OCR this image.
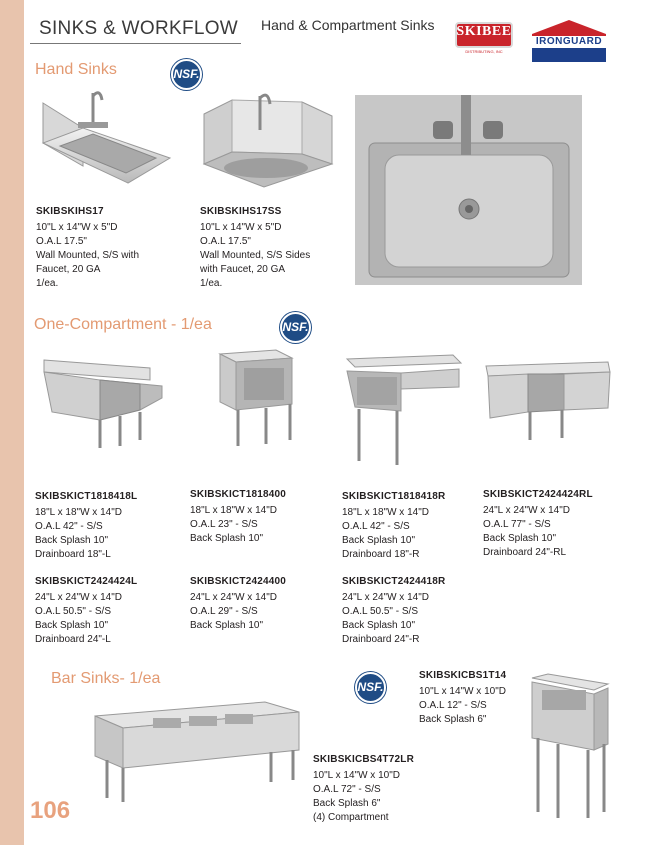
SINKS & WORKFLOW Hand & Compartment Sinks SKIBEE
DISTRIBUTING, INC
IRONGUARD
Hand Sinks	NSF.
SKIBSKIHS17
10"L x 14"W x 5"D
O.A.L 17.5"
Wall Mounted, S/S with
Faucet, 20 GA
1/ea.
SKIBSKIHS17SS
10"L x 14"W x 5"D
O.A.L 17.5"
Wall Mounted, S/S Sides
with Faucet, 20 GA
1/ea.
One-Compartment - 1/ea	NSF.
SKIBSKICT1818418L
18"L x 18"W x 14"D
O.A.L 42" - S/S
Back Splash 10"
Drainboard 18"-L
SKIBSKICT1818400
18"L x 18"W x 14"D
O.A.L 23" - S/S
Back Splash 10"
SKIBSKICT1818418R
18"L x 18"W x 14"D
O.A.L 42" - S/S
Back Splash 10"
Drainboard 18"-R
SKIBSKICT2424424RL
24"L x 24"W x 14"D
O.A.L 77" - S/S
Back Splash 10"
Drainboard 24"-RL
SKIBSKICT2424424L
24"L x 24"W x 14"D
O.A.L 50.5" - S/S
Back Splash 10"
Drainboard 24"-L
SKIBSKICT2424400
24"L x 24"W x 14"D
O.A.L 29" - S/S
Back Splash 10"
SKIBSKICT2424418R
24"L x 24"W x 14"D
O.A.L 50.5" - S/S
Back Splash 10"
Drainboard 24"-R
Bar Sinks- 1/ea	NSF.
SKIBSKICBS1T14
10"L x 14"W x 10"D
O.A.L 12" - S/S
Back Splash 6"
SKIBSKICBS4T72LR
10"L x 14"W x 10"D
O.A.L 72" - S/S
Back Splash 6"
(4) Compartment
106
